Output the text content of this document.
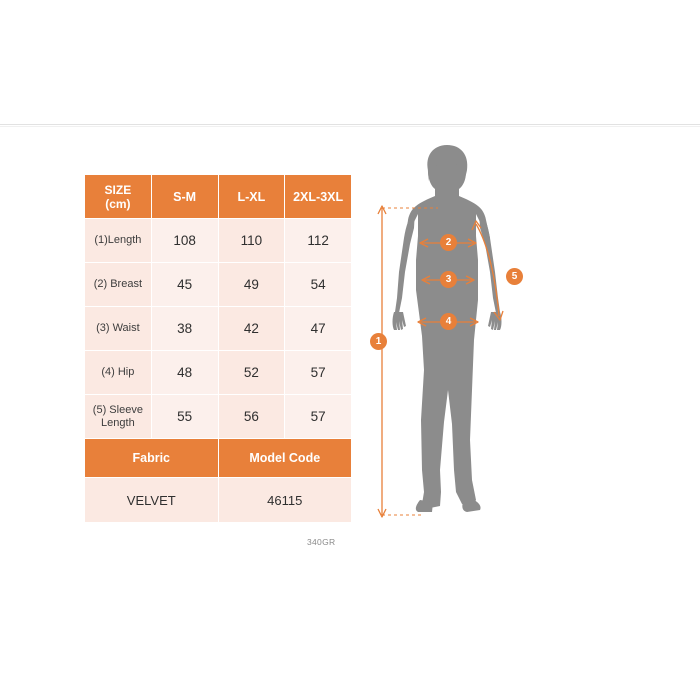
SIZE
(cm)	S-M	L-XL	2XL-3XL
(1)Length	108	110	112
(2) Breast	45	49	54
(3) Waist	38	42	47
(4) Hip	48	52	57

(5) Sleeve
Length	55	56	57
Fabric		Model Code	
VELVET		46115	
340GR
1
2
3
4
5
